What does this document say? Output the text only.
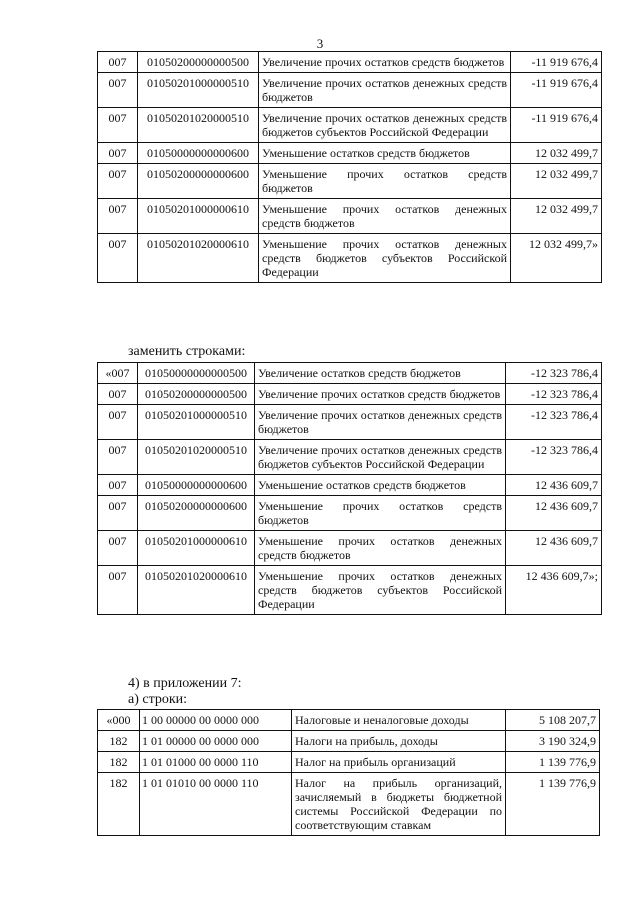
3
007	01050200000000500	Увеличение прочих остатков средств бюджетов	-11 919 676,4
007	01050201000000510	Увеличение прочих остатков денежных средств бюджетов	-11 919 676,4
007	01050201020000510	Увеличение прочих остатков денежных средств бюджетов субъектов Российской Федерации	-11 919 676,4
007	01050000000000600	Уменьшение остатков средств бюджетов	12 032 499,7
007	01050200000000600	Уменьшение прочих остатков средств бюджетов	12 032 499,7
007	01050201000000610	Уменьшение прочих остатков денежных средств бюджетов	12 032 499,7
007	01050201020000610	Уменьшение прочих остатков денежных средств бюджетов субъектов Российской Федерации	12 032 499,7»
заменить строками:
«007	01050000000000500	Увеличение остатков средств бюджетов	-12 323 786,4
007	01050200000000500	Увеличение прочих остатков средств бюджетов	-12 323 786,4
007	01050201000000510	Увеличение прочих остатков денежных средств бюджетов	-12 323 786,4
007	01050201020000510	Увеличение прочих остатков денежных средств бюджетов субъектов Российской Федерации	-12 323 786,4
007	01050000000000600	Уменьшение остатков средств бюджетов	12 436 609,7
007	01050200000000600	Уменьшение прочих остатков средств бюджетов	12 436 609,7
007	01050201000000610	Уменьшение прочих остатков денежных средств бюджетов	12 436 609,7
007	01050201020000610	Уменьшение прочих остатков денежных средств бюджетов субъектов Российской Федерации	12 436 609,7»;
4) в приложении 7:
а) строки:
«000	1 00 00000 00 0000 000	Налоговые и неналоговые доходы	5 108 207,7
182	1 01 00000 00 0000 000	Налоги на прибыль, доходы	3 190 324,9
182	1 01 01000 00 0000 110	Налог на прибыль организаций	1 139 776,9
182	1 01 01010 00 0000 110	Налог на прибыль организаций, зачисляемый в бюджеты бюджетной системы Российской Федерации по соответствующим ставкам	1 139 776,9
